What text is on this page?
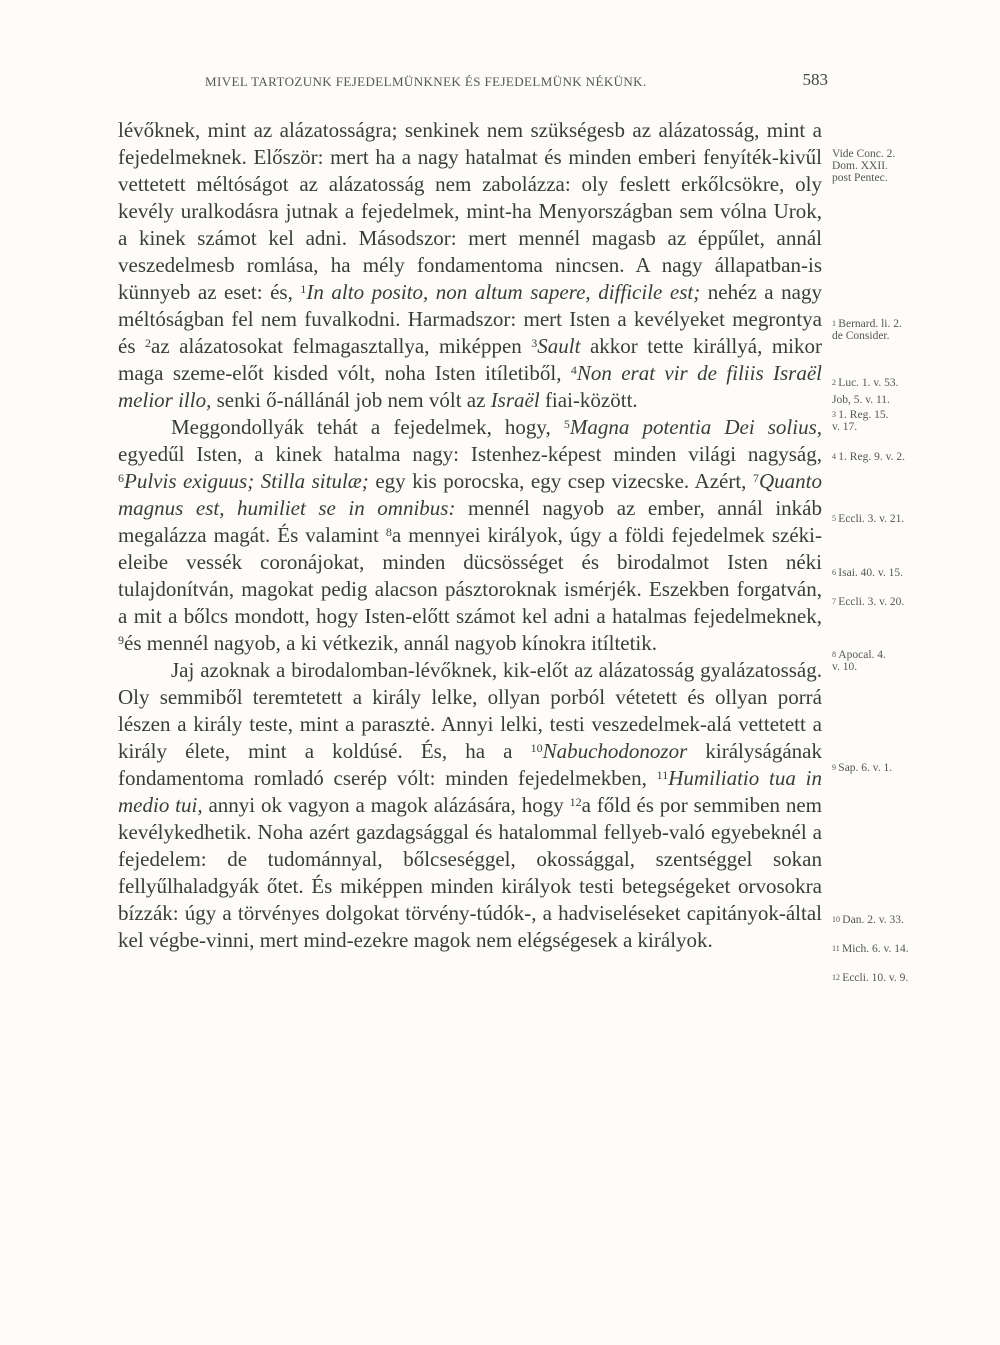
MIVEL TARTOZUNK FEJEDELMÜNKNEK ÉS FEJEDELMÜNK NÉKÜNK.	583

lévőknek, mint az alázatosságra; senkinek nem szükségesb az alázatosság, mint a fejedelmeknek. Először: mert ha a nagy hatalmat és minden emberi fenyíték-kivűl vettetett méltóságot az alázatosság nem zabolázza: oly feslett erkőlcsökre, oly kevély uralkodásra jutnak a fejedelmek, mint-ha Menyországban sem vólna Urok, a kinek számot kel adni. Másodszor: mert mennél magasb az éppűlet, annál veszedelmesb romlása, ha mély fondamentoma nincsen. A nagy állapatban-is künnyeb az eset: és, $^1$In alto posito, non altum sapere, difficile est; nehéz a nagy méltóságban fel nem fuvalkodni. Harmadszor: mert Isten a kevélyeket megrontya és $^2$az alázatosokat felmagasztallya, miképpen $^3$Sault akkor tette királlyá, mikor maga szeme-előt kisded vólt, noha Isten itíletiből, $^4$Non erat vir de filiis Israël melior illo, senki ő-nállánál job nem vólt az Israël fiai-között.

Meggondollyák tehát a fejedelmek, hogy, $^5$Magna potentia Dei solius, egyedűl Isten, a kinek hatalma nagy: Istenhez-képest minden világi nagyság, $^6$Pulvis exiguus; Stilla situlæ; egy kis porocska, egy csep vizecske. Azért, $^7$Quanto magnus est, humiliet se in omnibus: mennél nagyob az ember, annál inkáb megalázza magát. És valamint $^8$a mennyei királyok, úgy a földi fejedelmek széki-eleibe vessék coronájokat, minden dücsösséget és birodalmot Isten néki tulajdonítván, magokat pedig alacson pásztoroknak ismérjék. Eszekben forgatván, a mit a bőlcs mondott, hogy Isten-előtt számot kel adni a hatalmas fejedelmeknek, $^9$és mennél nagyob, a ki vétkezik, annál nagyob kínokra itíltetik.

Jaj azoknak a birodalomban-lévőknek, kik-előt az alázatosság gyalázatosság. Oly semmiből teremtetett a király lelke, ollyan porból vétetett és ollyan porrá lészen a király teste, mint a parasztė. Annyi lelki, testi veszedelmek-alá vettetett a király élete, mint a koldúsé. És, ha a $^{10}$Nabuchodonozor királyságának fondamentoma romladó cserép vólt: minden fejedelmekben, $^{11}$Humiliatio tua in medio tui, annyi ok vagyon a magok alázására, hogy $^{12}$a főld és por semmiben nem kevélykedhetik. Noha azért gazdagsággal és hatalommal fellyeb-való egyebeknél a fejedelem: de tudománnyal, bőlcseséggel, okossággal, szentséggel sokan fellyűlhaladgyák őtet. És miképpen minden királyok testi betegségeket orvosokra bízzák: úgy a törvényes dolgokat törvény-túdók-, a hadviseléseket capitányok-által kel végbe-vinni, mert mind-ezekre magok nem elégségesek a királyok.

Vide Conc. 2.
Dom. XXII.
post Pentec.
$^1$ Bernard. li. 2.
de Consider.
$^2$ Luc. 1. v. 53.
Job, 5. v. 11.
$^3$ 1. Reg. 15.
v. 17.
$^4$ 1. Reg. 9. v. 2.
$^5$ Eccli. 3. v. 21.
$^6$ Isai. 40. v. 15.
$^7$ Eccli. 3. v. 20.
$^8$ Apocal. 4.
v. 10.
$^9$ Sap. 6. v. 1.
$^{10}$ Dan. 2. v. 33.
$^{11}$ Mich. 6. v. 14.
$^{12}$ Eccli. 10. v. 9.
